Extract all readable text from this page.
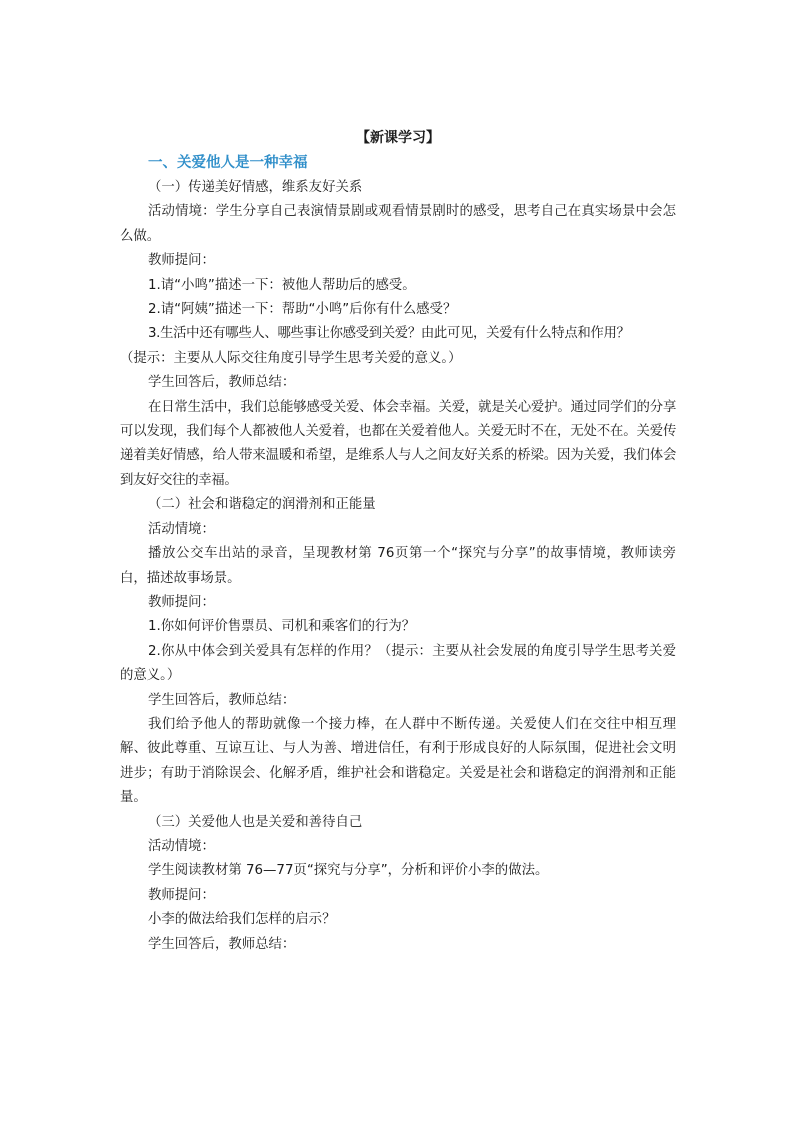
【新课学习】
一、关爱他人是一种幸福

（一）传递美好情感，维系友好关系

活动情境：学生分享自己表演情景剧或观看情景剧时的感受，思考自己在真实场景中会怎么做。

教师提问：

1.请“小鸣”描述一下：被他人帮助后的感受。

2.请“阿姨”描述一下：帮助“小鸣”后你有什么感受？

3.生活中还有哪些人、哪些事让你感受到关爱？由此可见，关爱有什么特点和作用？

（提示：主要从人际交往角度引导学生思考关爱的意义。）

学生回答后，教师总结：

在日常生活中，我们总能够感受关爱、体会幸福。关爱，就是关心爱护。通过同学们的分享可以发现，我们每个人都被他人关爱着，也都在关爱着他人。关爱无时不在，无处不在。关爱传递着美好情感，给人带来温暖和希望，是维系人与人之间友好关系的桥梁。因为关爱，我们体会到友好交往的幸福。

（二）社会和谐稳定的润滑剂和正能量

活动情境：

播放公交车出站的录音，呈现教材第 76页第一个“探究与分享”的故事情境，教师读旁白，描述故事场景。

教师提问：

1.你如何评价售票员、司机和乘客们的行为？

2.你从中体会到关爱具有怎样的作用？（提示：主要从社会发展的角度引导学生思考关爱的意义。）

学生回答后，教师总结：

我们给予他人的帮助就像一个接力棒，在人群中不断传递。关爱使人们在交往中相互理解、彼此尊重、互谅互让、与人为善、增进信任，有利于形成良好的人际氛围，促进社会文明进步；有助于消除误会、化解矛盾，维护社会和谐稳定。关爱是社会和谐稳定的润滑剂和正能量。

（三）关爱他人也是关爱和善待自己

活动情境：

学生阅读教材第 76—77页“探究与分享”，分析和评价小李的做法。

教师提问：

小李的做法给我们怎样的启示？

学生回答后，教师总结：
